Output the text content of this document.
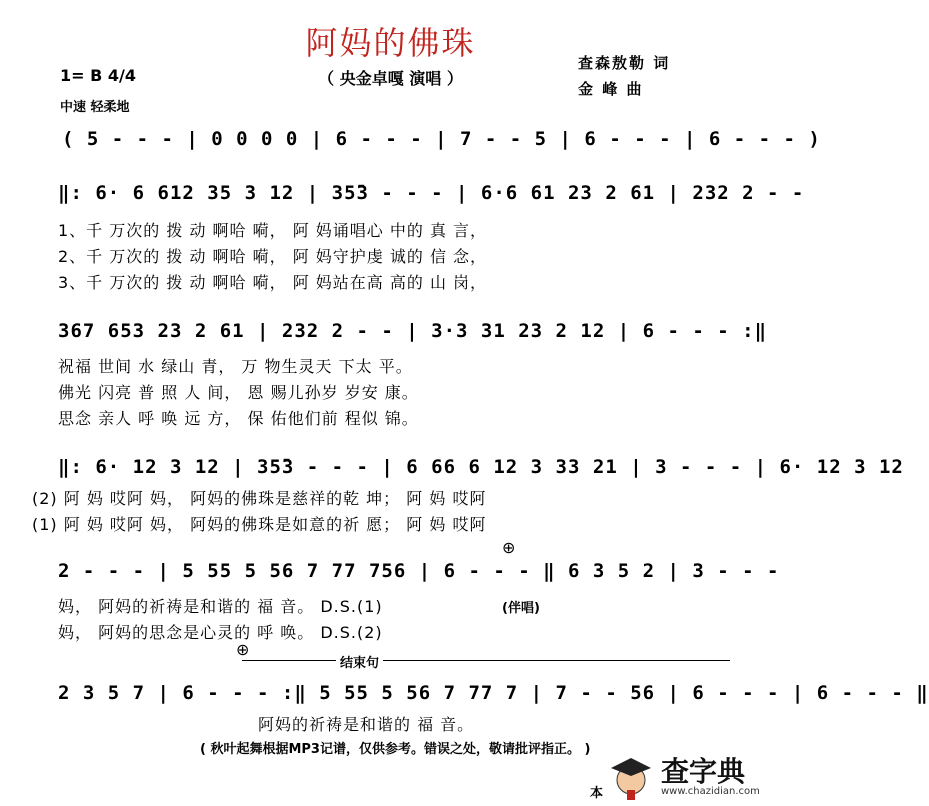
阿妈的佛珠
（ 央金卓嘎 演唱 ）
查森敖勒 词
金 峰 曲
1= B 4/4
中速 轻柔地
( 5 - - - | 0 0 0 0 | 6 - - - | 7 - - 5 | 6 - - - | 6 - - - )
‖: 6· 6 612 35 3 12 | 35̄3 - - - | 6·6 61 23 2 61 | 232 2 - -
1、千 万次的 拨 动 啊哈 嗬， 阿 妈诵唱心 中的 真 言，
2、千 万次的 拨 动 啊哈 嗬， 阿 妈守护虔 诚的 信 念，
3、千 万次的 拨 动 啊哈 嗬， 阿 妈站在高 高的 山 岗，
367 653 23 2 61 | 232 2 - - | 3·3 31 23 2 12 | 6 - - - :‖
祝福 世间 水 绿山 青， 万 物生灵天 下太 平。
佛光 闪亮 普 照 人 间， 恩 赐儿孙岁 岁安 康。
思念 亲人 呼 唤 远 方， 保 佑他们前 程似 锦。
‖: 6· 12 3 12 | 35̄3 - - - | 6 66 6 12 3 33 21 | 3 - - - | 6· 12 3 12
(2) 阿 妈 哎阿 妈， 阿妈的佛珠是慈祥的乾 坤； 阿 妈 哎阿
(1) 阿 妈 哎阿 妈， 阿妈的佛珠是如意的祈 愿； 阿 妈 哎阿
2 - - - | 5 55 5 56 7 77 756 | 6 - - - ‖ 6 3 5 2 | 3 - - -
妈， 阿妈的祈祷是和谐的 福 音。 D.S.(1)	(伴唱)
妈， 阿妈的思念是心灵的 呼 唤。 D.S.(2)
结束句
⊕
⊕
2 3 5 7 | 6 - - - :‖ 5 55 5 56 7 77 7 | 7 - - 56 | 6 - - - | 6 - - - ‖
阿妈的祈祷是和谐的 福 音。
( 秋叶起舞根据MP3记谱，仅供参考。错误之处，敬请批评指正。 )
本
查字典
www.chazidian.com
